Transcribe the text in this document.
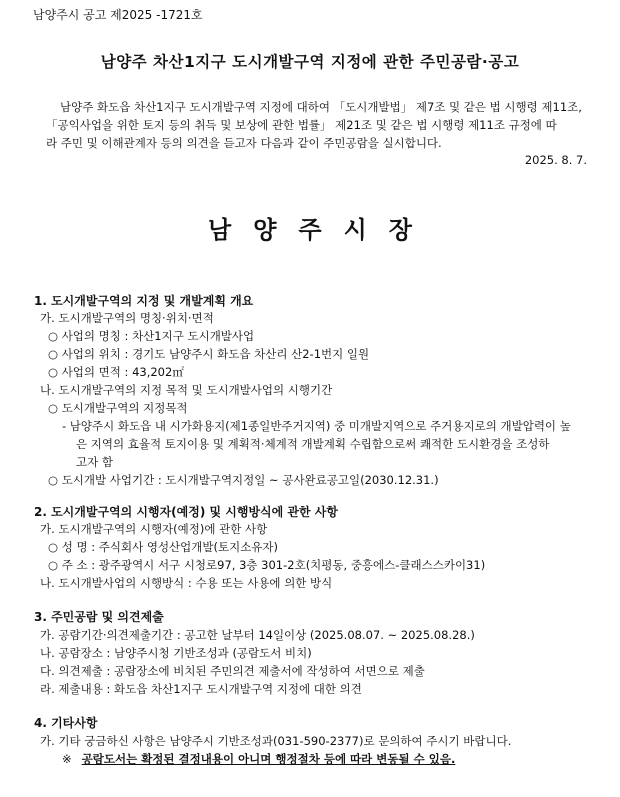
남양주시 공고 제2025 -1721호
남양주 차산1지구 도시개발구역 지정에 관한 주민공람·공고
남양주 화도읍 차산1지구 도시개발구역 지정에 대하여 「도시개발법」 제7조 및 같은 법 시행령 제11조,
「공익사업을 위한 토지 등의 취득 및 보상에 관한 법률」 제21조 및 같은 법 시행령 제11조 규정에 따
라 주민 및 이해관계자 등의 의견을 듣고자 다음과 같이 주민공람을 실시합니다.
2025. 8. 7.
남양주시장
1. 도시개발구역의 지정 및 개발계획 개요
가. 도시개발구역의 명칭·위치·면적
○ 사업의 명칭 : 차산1지구 도시개발사업
○ 사업의 위치 : 경기도 남양주시 화도읍 차산리 산2-1번지 일원
○ 사업의 면적 : 43,202㎡
나. 도시개발구역의 지정 목적 및 도시개발사업의 시행기간
○ 도시개발구역의 지정목적
- 남양주시 화도읍 내 시가화용지(제1종일반주거지역) 중 미개발지역으로 주거용지로의 개발압력이 높
은 지역의 효율적 토지이용 및 계획적·체계적 개발계획 수립함으로써 쾌적한 도시환경을 조성하
고자 함
○ 도시개발 사업기간 : 도시개발구역지정일 ~ 공사완료공고일(2030.12.31.)
2. 도시개발구역의 시행자(예정) 및 시행방식에 관한 사항
가. 도시개발구역의 시행자(예정)에 관한 사항
○ 성 명 : 주식회사 영성산업개발(토지소유자)
○ 주 소 : 광주광역시 서구 시청로97, 3층 301-2호(치평동, 중흥에스-클래스스카이31)
나. 도시개발사업의 시행방식 : 수용 또는 사용에 의한 방식
3. 주민공람 및 의견제출
가. 공람기간·의견제출기간 : 공고한 날부터 14일이상 (2025.08.07. ~ 2025.08.28.)
나. 공람장소 : 남양주시청 기반조성과 (공람도서 비치)
다. 의견제출 : 공람장소에 비치된 주민의견 제출서에 작성하여 서면으로 제출
라. 제출내용 : 화도읍 차산1지구 도시개발구역 지정에 대한 의견
4. 기타사항
가. 기타 궁금하신 사항은 남양주시 기반조성과(031-590-2377)로 문의하여 주시기 바랍니다.
※ 공람도서는 확정된 결정내용이 아니며 행정절차 등에 따라 변동될 수 있음.
